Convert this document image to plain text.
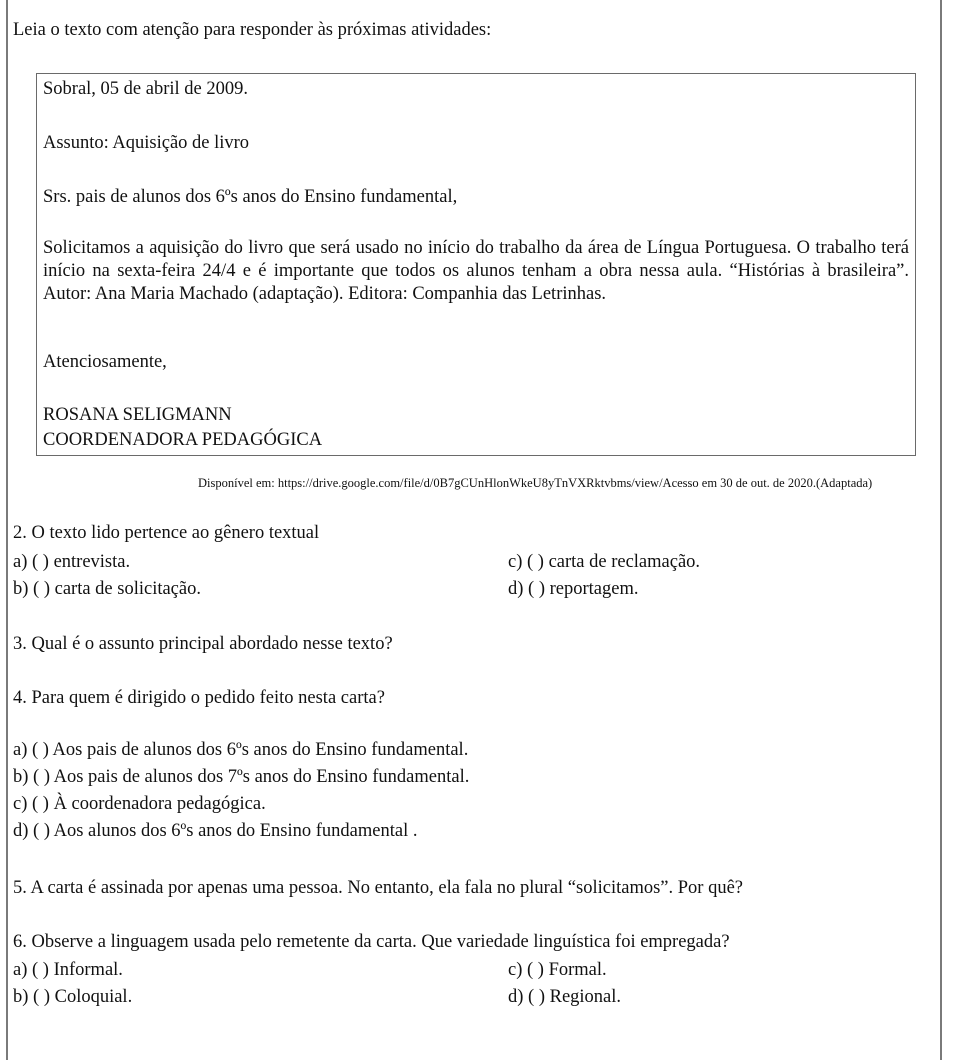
Leia o texto com atenção para responder às próximas atividades:
Sobral, 05 de abril de 2009.
Assunto: Aquisição de livro
Srs. pais de alunos dos 6ºs anos do Ensino fundamental,
Solicitamos a aquisição do livro que será usado no início do trabalho da área de Língua Portuguesa. O trabalho terá início na sexta-feira 24/4 e é importante que todos os alunos tenham a obra nessa aula. “Histórias à brasileira”. Autor: Ana Maria Machado (adaptação). Editora: Companhia das Letrinhas.
Atenciosamente,
ROSANA SELIGMANN
COORDENADORA PEDAGÓGICA
Disponível em: https://drive.google.com/file/d/0B7gCUnHlonWkeU8yTnVXRktvbms/view/Acesso em 30 de out. de 2020.(Adaptada)
2. O texto lido pertence ao gênero textual
a) ( ) entrevista.	c) ( ) carta de reclamação.
b) ( ) carta de solicitação.	d) ( ) reportagem.
3. Qual é o assunto principal abordado nesse texto?
4. Para quem é dirigido o pedido feito nesta carta?
a) ( ) Aos pais de alunos dos 6ºs anos do Ensino fundamental.
b) ( ) Aos pais de alunos dos 7ºs anos do Ensino fundamental.
c) ( ) À coordenadora pedagógica.
d) ( ) Aos alunos dos 6ºs anos do Ensino fundamental .
5. A carta é assinada por apenas uma pessoa. No entanto, ela fala no plural “solicitamos”. Por quê?
6. Observe a linguagem usada pelo remetente da carta. Que variedade linguística foi empregada?
a) ( ) Informal.	c) ( ) Formal.
b) ( ) Coloquial.	d) ( ) Regional.
